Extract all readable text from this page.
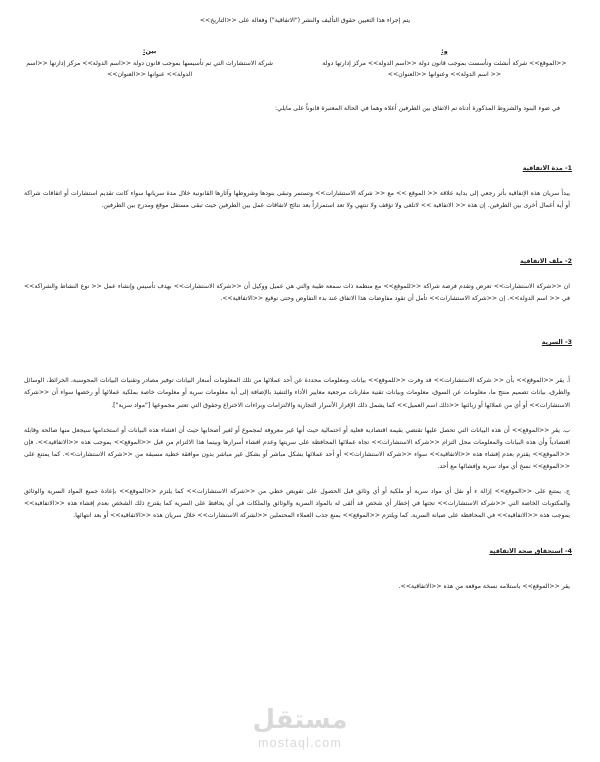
يتم إجراء هذا التعيين حقوق التأليف والنشر ("الاتفاقية") وفعالة على <<التاريخ>>
و:
<<الموقع>> شركة أنشئت وتأسست بموجب قانون دولة <<اسم الدولة>> مركز إدارتها دولة << اسم الدولة>> وعنوانها <<العنوان>>
بين:
شركة الاستشارات التي تم تأسيسها بموجب قانون دولة <<اسم الدولة>> مركز إدارتها <<اسم الدولة>> عنوانها <<العنوان>>
في ضوء البنود والشروط المذكورة أدناه تم الاتفاق بين الطرفين أعلاه وهما في الحالة المعتبرة قانوناً على مايلي:
1- مدة الاتفاقية
يبدأ سريان هذه الإتفاقية بأثر رجعي إلى بداية علاقة << الموقع >> مع << شركة الاستشارات>> وتستمر وتبقى بنودها وشروطها وآثارها القانونية خلال مدة سريانها سواء كانت تقديم استشارات أو اتفاقات شراكة أو أية أعمال أخرى بين الطرفين. إن هذه << الاتفاقية >> لاتلغى ولا تؤقف ولا تنتهي ولا تعد استمراراً بعد نتائج لاتفاقات عمل بين الطرفين حيث تبقى مستقل موقع ومدرج بين الطرفين.
2- ملف الاتفاقية
ان <<شركة الاستشارات>> تعرض وتقدم فرصة شراكة <<للموقع>> مع منظمة ذات سمعة طيبة والتي هي عميل ووكيل أن <<شركة الاستشارات>> بهدف تأسيس وإنشاء عمل << نوع النشاط والشراكة>> في << اسم الدولة>>. إن <<شركة الاستشارات>> تأمل أن تقود مفاوضات هذا الاتفاق عند بدء التفاوض وحتى توقيع <<الاتفاقية>>.
3- السرية
أ. يقر <<الموقع>> بأن << شركة الاستشارات>> قد وفرت <<للموقع>> بيانات ومعلومات محددة عن أحد عملائها من تلك المعلومات أسعار البيانات توفير مصادر وتقنيات البيانات المحوسبة، الخرائط، الوسائل والطرق، بيانات تصميم منتج ما، معلومات عن السوق، معلومات وبيانات تقنية مقارنات مرجعية معايير الأداء والتنفيذ بالإضافة إلى أية معلومات سرية أو معلومات خاصة بملكية عملائها أو رخصها سواء أن <<شركة الاستشارات>> أو أي من عملائها أو زبائنها <<ذلك اسم العميل>> كما يشمل ذلك الإقرار الأسرار التجارية والالتزامات وبراءات الاختراع وحقوق التي تعتبر مجموعها ["مواد سرية"].
ب. يقر <<الموقع>> أن هذه البيانات التي تحصل عليها تقتضي بقيمة اقتصادية فعلية أو احتمالية حيث أنها غير معروفة لمجموع أو لغير أصحابها حيث أن افشاء هذه البيانات أو استخدامها سيجعل منها صالحة وقابلة اقتصادياً وأن هذه البيانات والمعلومات محل التزام <<شركة الاستشارات>> تجاه عملائها المحافظة على سريتها وعدم افشاء أسرارها وبينما هذا الالتزام من قبل <<الموقع>> بموجب هذه <<الاتفاقية>>. فإن <<الموقع>> يقترم بعدم إفشاء هذه <<الاتفاقية>> سواء <<شركة الاستشارات>> أو أحد عملائها بشكل مباشر أو بشكل غير مباشر بدون موافقة خطية مسبقة من <<شركة الاستشارات>>. كما يمتنع على <<الموقع>> نسخ أي مواد سرية وإفشائها مع أحد.
ج. يمتنع على <<الموقع>> إزالة ء أو نقل أي مواد سرية أو ملكية أو أي وثائق قبل الحصول على تفويض خطي من <<شركة الاستشارات>> كما يلتزم <<الموقع>> بإعادة جميع المواد السرية والوثائق والمكتوبات الخاصة التي <<شركة الاستشارات>> تحتها في إخطار أي شخص قد ألقى له بالمواد السرية والوثائق والملكات في أي يحافظ على السرية كما يقترح ذلك الشخص بعدم إفشاء هذه <<الاتفاقية>> بموجب هذه <<الاتفاقية>> في المحافظة على صيانة السرية. كما ويلتزم <<الموقع>> بمنع جذب العملاء المحتملين <<لشركة الاستشارات>> خلال سريان هذه <<الاتفاقية>> أو بعد انتهائها.
4- استحقاق صحة الاتفاقية
يقر <<الموقع>> باستلامه نسخة موقعة من هذه <<الاتفاقية>>.
مستقل
mostaql.com
